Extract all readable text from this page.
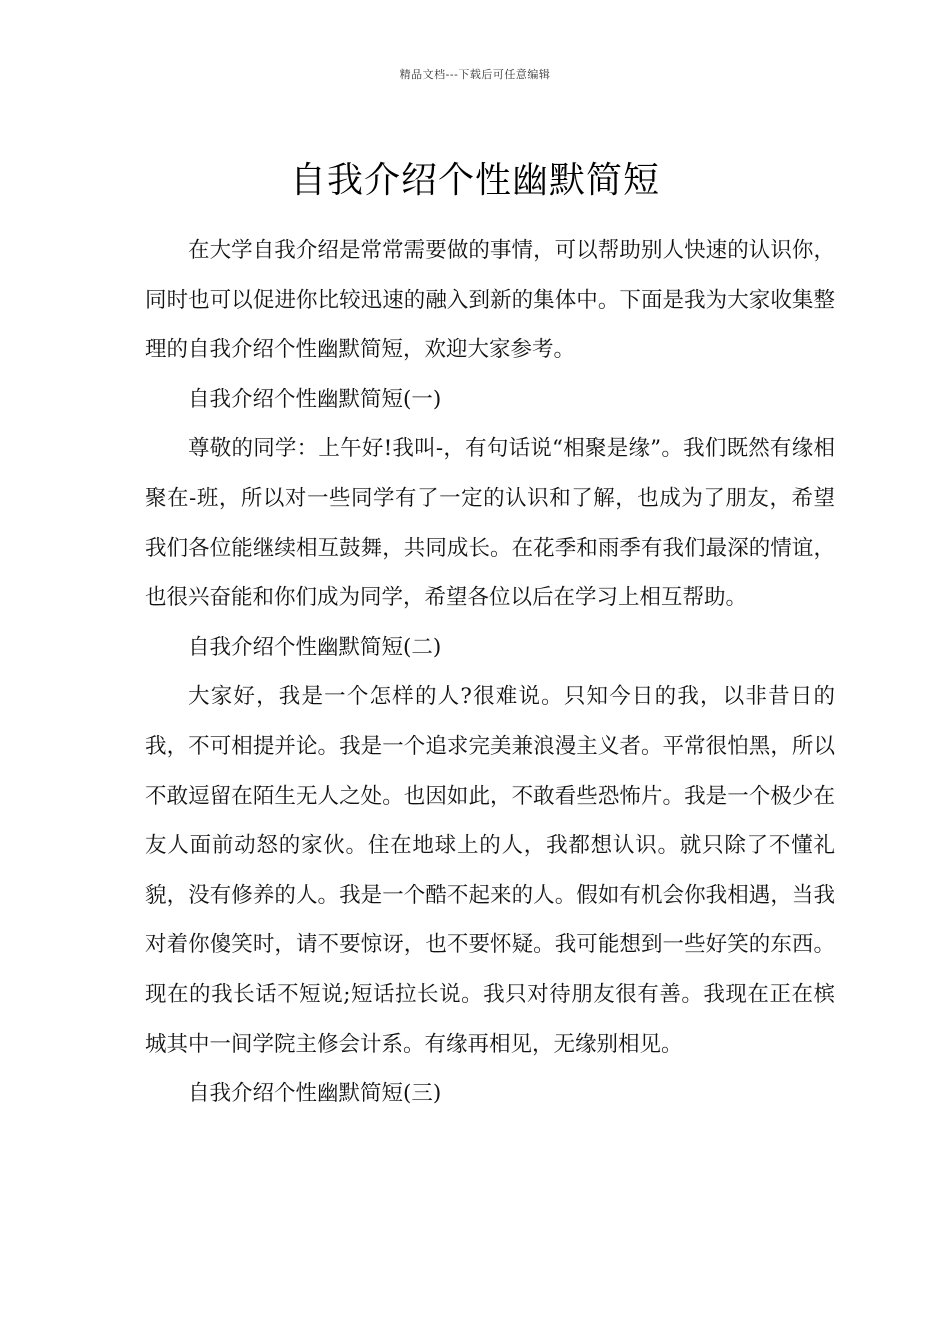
精品文档---下载后可任意编辑
自我介绍个性幽默简短

在大学自我介绍是常常需要做的事情，可以帮助别人快速的认识你，同时也可以促进你比较迅速的融入到新的集体中。下面是我为大家收集整理的自我介绍个性幽默简短，欢迎大家参考。

自我介绍个性幽默简短(一)

尊敬的同学：上午好!我叫-，有句话说“相聚是缘”。我们既然有缘相聚在-班，所以对一些同学有了一定的认识和了解，也成为了朋友，希望我们各位能继续相互鼓舞，共同成长。在花季和雨季有我们最深的情谊，也很兴奋能和你们成为同学，希望各位以后在学习上相互帮助。

自我介绍个性幽默简短(二)

大家好，我是一个怎样的人?很难说。只知今日的我，以非昔日的我，不可相提并论。我是一个追求完美兼浪漫主义者。平常很怕黑，所以不敢逗留在陌生无人之处。也因如此，不敢看些恐怖片。我是一个极少在友人面前动怒的家伙。住在地球上的人，我都想认识。就只除了不懂礼貌，没有修养的人。我是一个酷不起来的人。假如有机会你我相遇，当我对着你傻笑时，请不要惊讶，也不要怀疑。我可能想到一些好笑的东西。现在的我长话不短说;短话拉长说。我只对待朋友很有善。我现在正在槟城其中一间学院主修会计系。有缘再相见，无缘别相见。

自我介绍个性幽默简短(三)
